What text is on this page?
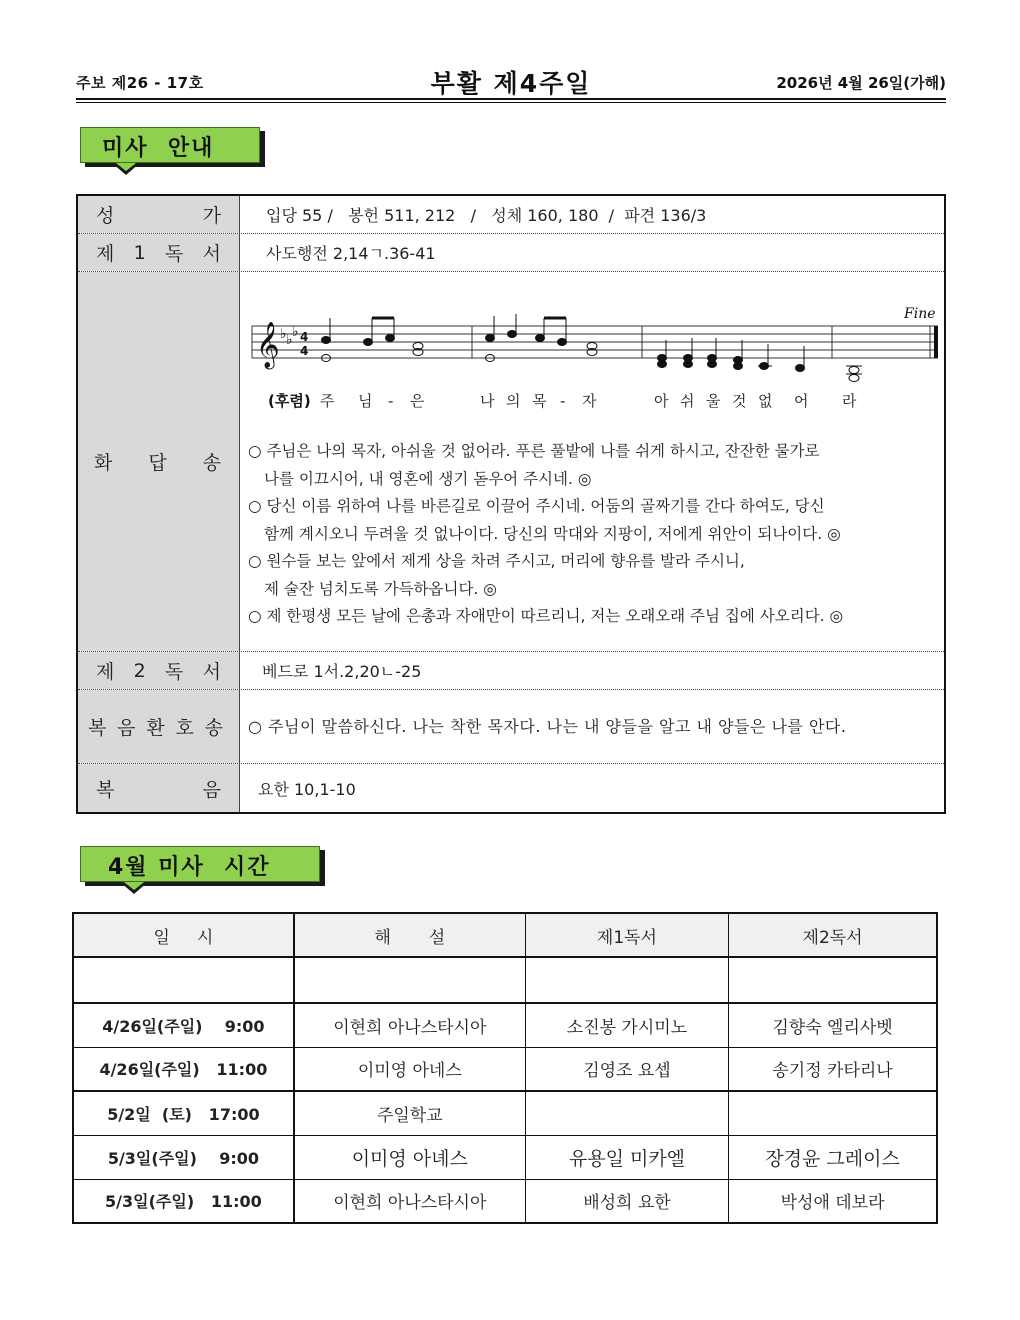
주보 제26 - 17호	부활 제4주일	2026년 4월 26일(가해)
미사  안내
성	가	입당 55 /   봉헌 511, 212   /   성체 160, 180  /  파견 136/3
제 1 독 서	사도행전 2,14ㄱ.36-41
화 답 송
𝄞 ♭ ♭ ♭ 4
4
Fine
(후렴) 주 님 - 은	나 의 목 - 자	아 쉬 울 것 없 어 라
○ 주님은 나의 목자, 아쉬울 것 없어라. 푸른 풀밭에 나를 쉬게 하시고, 잔잔한 물가로
나를 이끄시어, 내 영혼에 생기 돋우어 주시네. ◎
○ 당신 이름 위하여 나를 바른길로 이끌어 주시네. 어둠의 골짜기를 간다 하여도, 당신
함께 계시오니 두려울 것 없나이다. 당신의 막대와 지팡이, 저에게 위안이 되나이다. ◎
○ 원수들 보는 앞에서 제게 상을 차려 주시고, 머리에 향유를 발라 주시니,
제 술잔 넘치도록 가득하옵니다. ◎
○ 제 한평생 모든 날에 은총과 자애만이 따르리니, 저는 오래오래 주님 집에 사오리다. ◎
제 2 독 서	베드로 1서.2,20ㄴ-25
복 음 환 호 송	○ 주님이 말씀하신다. 나는 착한 목자다. 나는 내 양들을 알고 내 양들은 나를 안다.
복	음	요한 10,1-10
4월 미사  시간
일     시	해       설	제1독서	제2독서

4/26일(주일)    9:00	이현희 아나스타시아	소진봉 가시미노	김향숙 엘리사벳
4/26일(주일)   11:00	이미영 아네스	김영조 요셉	송기정 카타리나
5/2일  (토)   17:00	주일학교		
5/3일(주일)    9:00	이미영 아녜스	유용일 미카엘	장경윤 그레이스
5/3일(주일)   11:00	이현희 아나스타시아	배성희 요한	박성애 데보라
